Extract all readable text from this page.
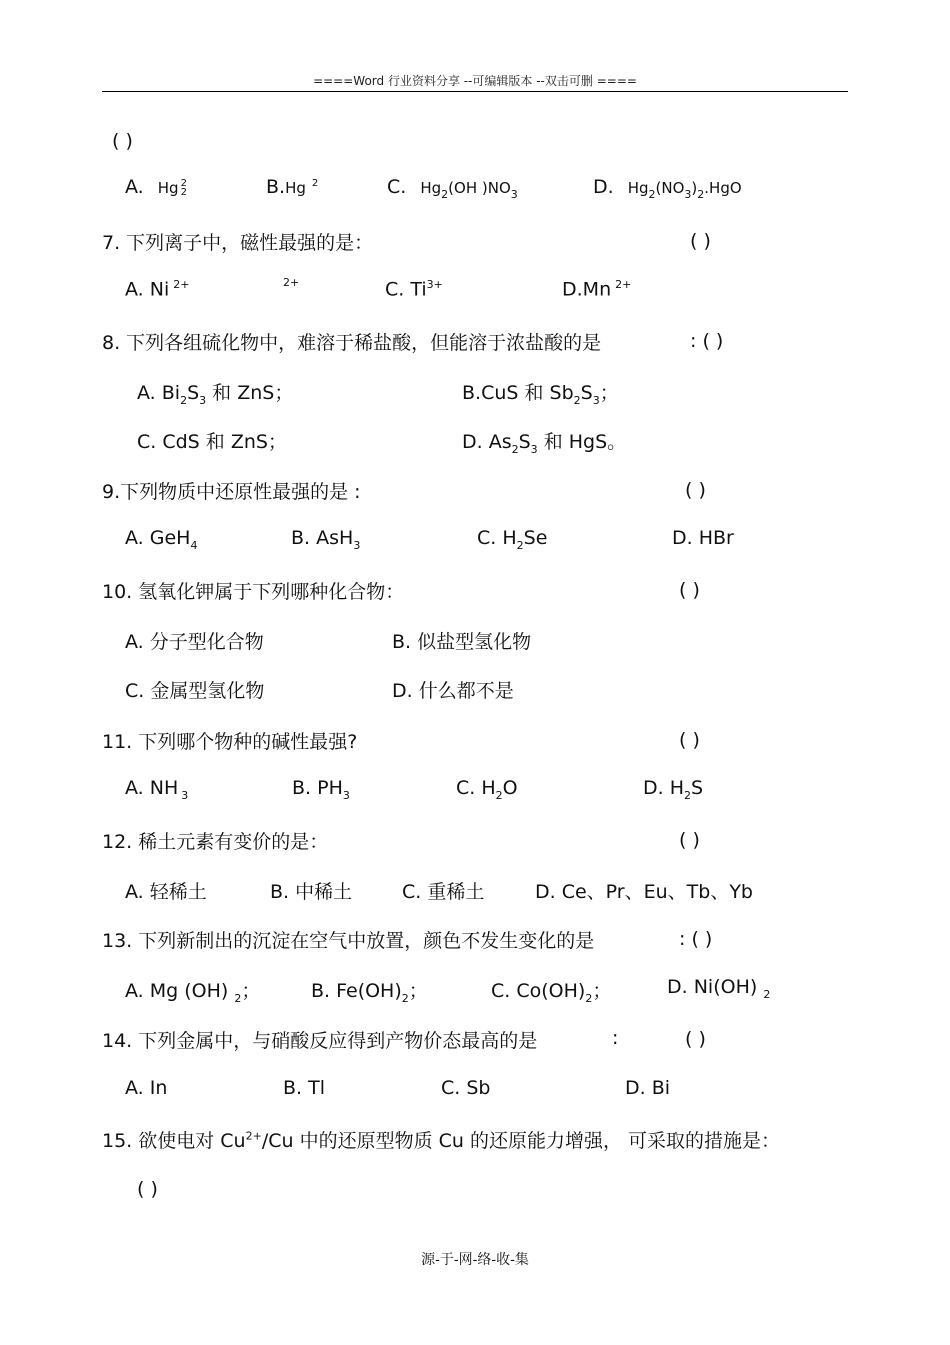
====Word 行业资料分享 --可编辑版本 --双击可删 ====
( )
A. Hg 2
2	B.Hg $^2$	C. $Hg_2(OH$ )$NO_3$	D. $Hg_2(NO_3)_2.HgO$
7. 下列离子中，磁性最强的是：	( )
A. Ni $^{2+}$	2+	C. $Ti^{3+}$	D.Mn $^{2+}$
8. 下列各组硫化物中，难溶于稀盐酸，但能溶于浓盐酸的是	: ( )
A. $Bi_2S_3$ 和 ZnS；	B.CuS 和 $Sb_2S_3$；
C. CdS 和 ZnS；	D. $As_2S_3$ 和 HgS。
9.下列物质中还原性最强的是 :	( )
A. GeH$_4$	B. AsH$_3$	C. $H_2Se$	D. HBr
10. 氢氧化钾属于下列哪种化合物：	( )
A. 分子型化合物	B. 似盐型氢化物
C. 金属型氢化物	D. 什么都不是
11. 下列哪个物种的碱性最强?	( )
A. NH $_3$	B. $PH_3$	C. $H_2O$	D. $H_2S$
12. 稀土元素有变价的是：	( )
A. 轻稀土	B. 中稀土	C. 重稀土	D. Ce、Pr、Eu、Tb、Yb
13. 下列新制出的沉淀在空气中放置，颜色不发生变化的是	: ( )
A. Mg (OH) $_2$；	B. $Fe(OH)_2$；	C. $Co(OH)_2$；	D. Ni(OH) $_2$
14. 下列金属中，与硝酸反应得到产物价态最高的是	:	( )
A. In	B. Tl	C. Sb	D. Bi
15. 欲使电对 $Cu^{2+}/Cu$ 中的还原型物质 Cu 的还原能力增强， 可采取的措施是：
( )
源-于-网-络-收-集
